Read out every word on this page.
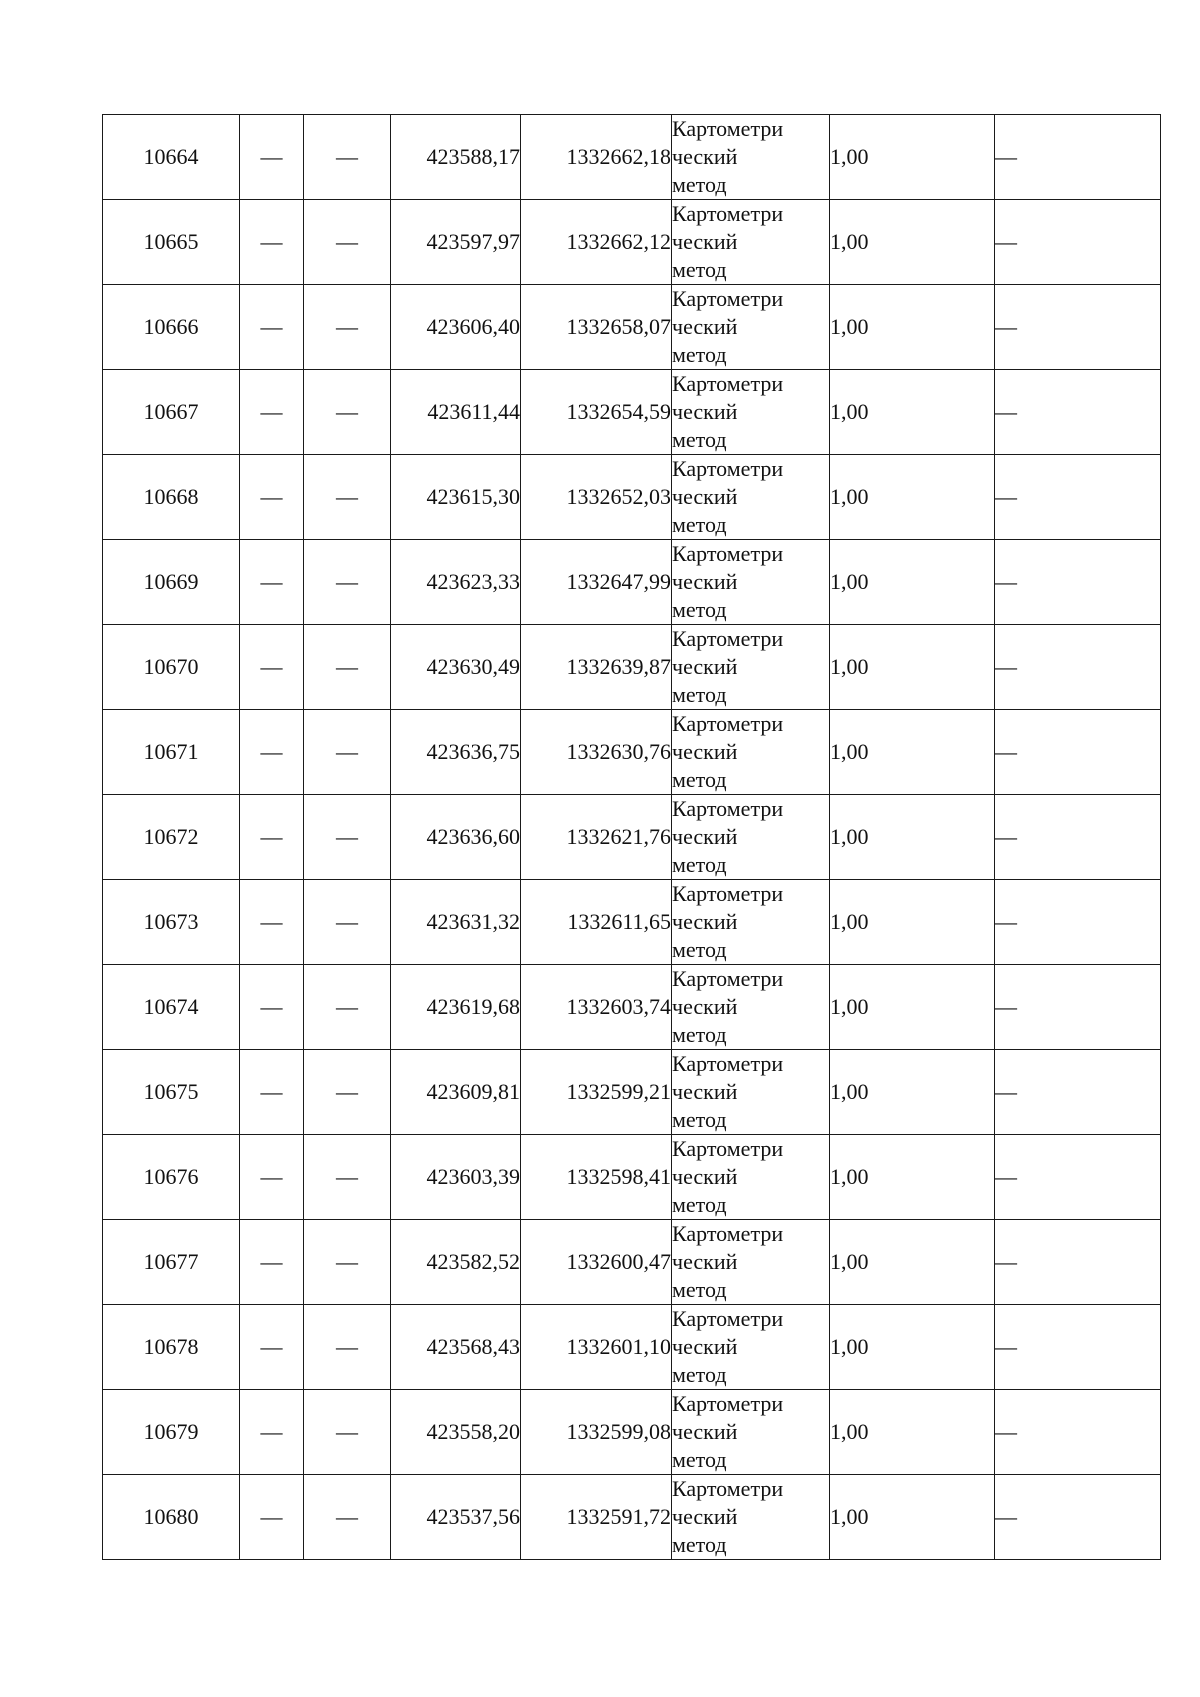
10664	—	—	423588,17	1332662,18	Картометри
ческий
метод	1,00	—
10665	—	—	423597,97	1332662,12	Картометри
ческий
метод	1,00	—
10666	—	—	423606,40	1332658,07	Картометри
ческий
метод	1,00	—
10667	—	—	423611,44	1332654,59	Картометри
ческий
метод	1,00	—
10668	—	—	423615,30	1332652,03	Картометри
ческий
метод	1,00	—
10669	—	—	423623,33	1332647,99	Картометри
ческий
метод	1,00	—
10670	—	—	423630,49	1332639,87	Картометри
ческий
метод	1,00	—
10671	—	—	423636,75	1332630,76	Картометри
ческий
метод	1,00	—
10672	—	—	423636,60	1332621,76	Картометри
ческий
метод	1,00	—
10673	—	—	423631,32	1332611,65	Картометри
ческий
метод	1,00	—
10674	—	—	423619,68	1332603,74	Картометри
ческий
метод	1,00	—
10675	—	—	423609,81	1332599,21	Картометри
ческий
метод	1,00	—
10676	—	—	423603,39	1332598,41	Картометри
ческий
метод	1,00	—
10677	—	—	423582,52	1332600,47	Картометри
ческий
метод	1,00	—
10678	—	—	423568,43	1332601,10	Картометри
ческий
метод	1,00	—
10679	—	—	423558,20	1332599,08	Картометри
ческий
метод	1,00	—
10680	—	—	423537,56	1332591,72	Картометри
ческий
метод	1,00	—
